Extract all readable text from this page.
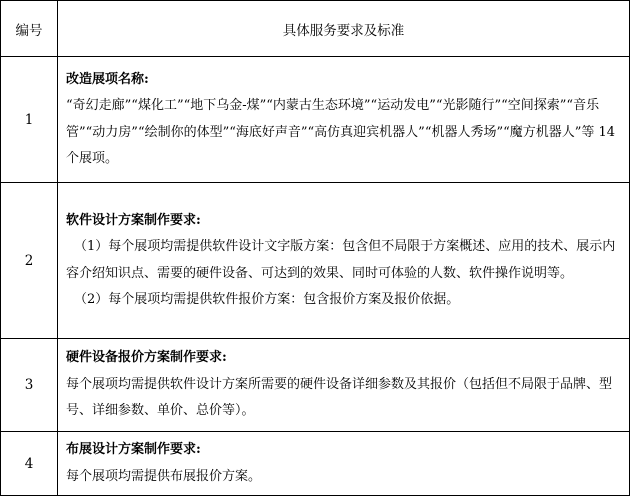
编号	具体服务要求及标准
1	改造展项名称:
“奇幻走廊”“煤化工”“地下乌金-煤”“内蒙古生态环境”“运动发电”“光影随行”“空间探索”“音乐管”“动力房”“绘制你的体型”“海底好声音”“高仿真迎宾机器人”“机器人秀场”“魔方机器人”等 14 个展项。

2	软件设计方案制作要求:
（1）每个展项均需提供软件设计文字版方案：包含但不局限于方案概述、应用的技术、展示内容介绍知识点、需要的硬件设备、可达到的效果、同时可体验的人数、软件操作说明等。
（2）每个展项均需提供软件报价方案：包含报价方案及报价依据。

3	硬件设备报价方案制作要求:
每个展项均需提供软件设计方案所需要的硬件设备详细参数及其报价（包括但不局限于品牌、型号、详细参数、单价、总价等）。

4	布展设计方案制作要求:
每个展项均需提供布展报价方案。
